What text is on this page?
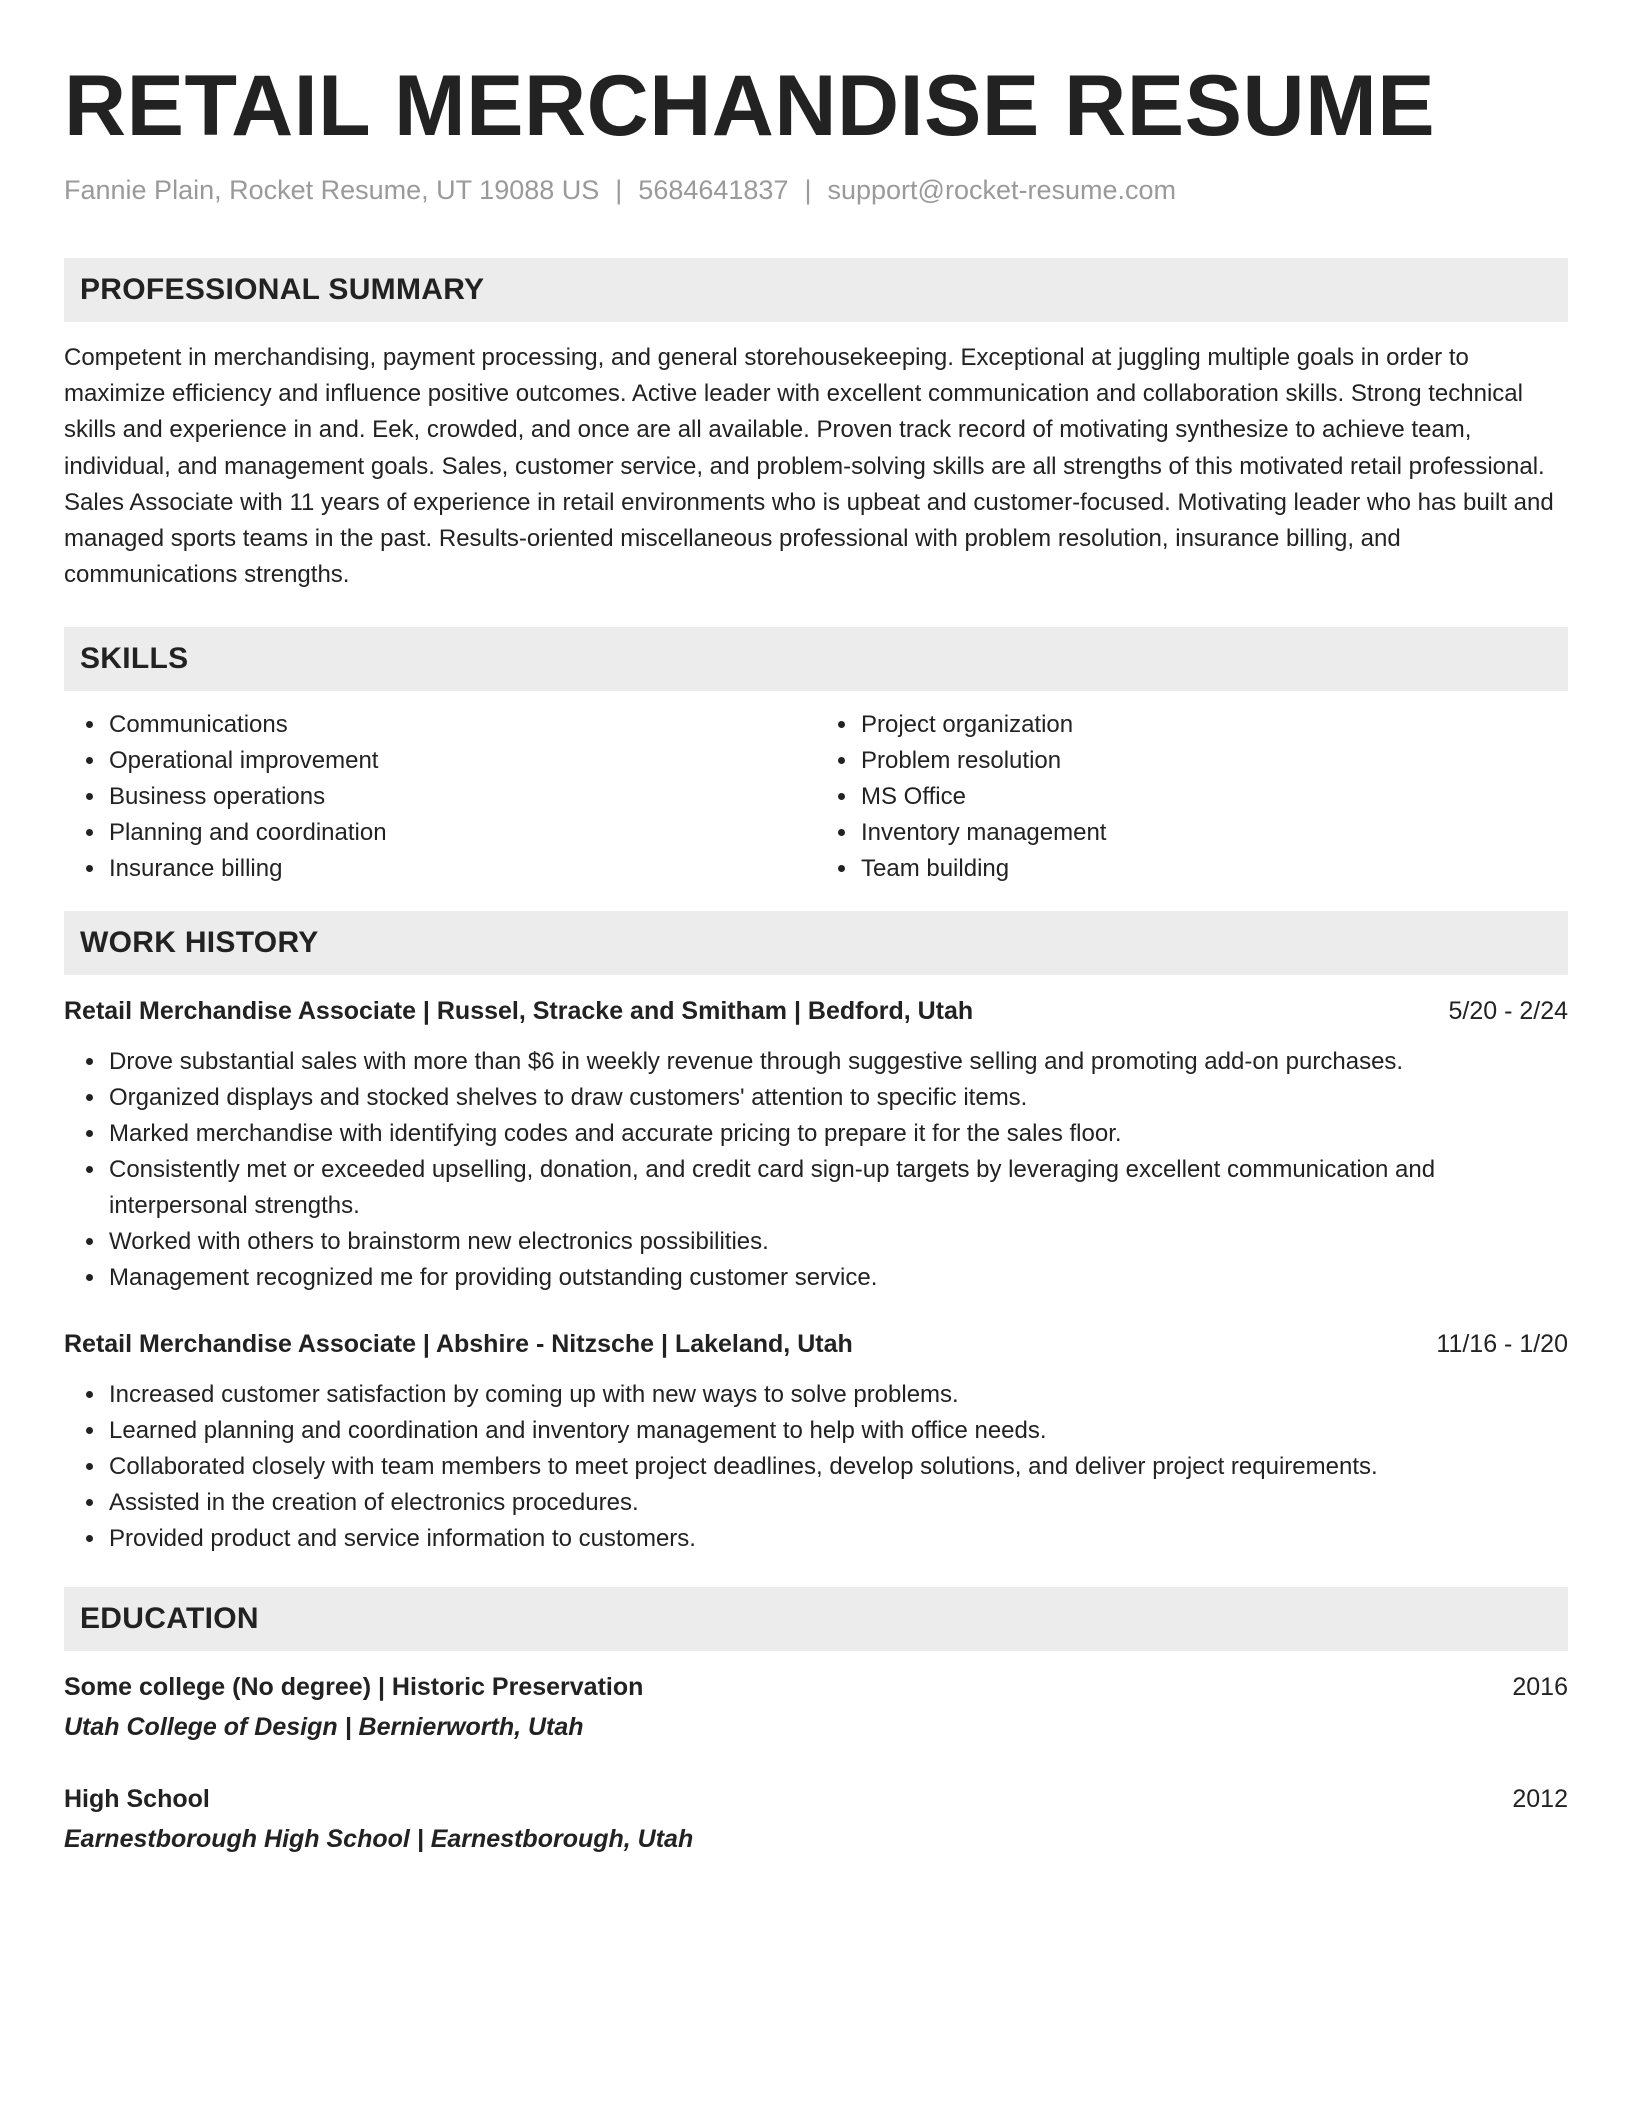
RETAIL MERCHANDISE RESUME
Fannie Plain, Rocket Resume, UT 19088 US | 5684641837 | support@rocket-resume.com
PROFESSIONAL SUMMARY
Competent in merchandising, payment processing, and general storehousekeeping. Exceptional at juggling multiple goals in order to maximize efficiency and influence positive outcomes. Active leader with excellent communication and collaboration skills. Strong technical skills and experience in and. Eek, crowded, and once are all available. Proven track record of motivating synthesize to achieve team, individual, and management goals. Sales, customer service, and problem-solving skills are all strengths of this motivated retail professional. Sales Associate with 11 years of experience in retail environments who is upbeat and customer-focused. Motivating leader who has built and managed sports teams in the past. Results-oriented miscellaneous professional with problem resolution, insurance billing, and communications strengths.
SKILLS
• Communications
• Operational improvement
• Business operations
• Planning and coordination
• Insurance billing
• Project organization
• Problem resolution
• MS Office
• Inventory management
• Team building
WORK HISTORY
Retail Merchandise Associate | Russel, Stracke and Smitham | Bedford, Utah	5/20 - 2/24
• Drove substantial sales with more than $6 in weekly revenue through suggestive selling and promoting add-on purchases.
• Organized displays and stocked shelves to draw customers' attention to specific items.
• Marked merchandise with identifying codes and accurate pricing to prepare it for the sales floor.
• Consistently met or exceeded upselling, donation, and credit card sign-up targets by leveraging excellent communication and interpersonal strengths.
• Worked with others to brainstorm new electronics possibilities.
• Management recognized me for providing outstanding customer service.
Retail Merchandise Associate | Abshire - Nitzsche | Lakeland, Utah	11/16 - 1/20
• Increased customer satisfaction by coming up with new ways to solve problems.
• Learned planning and coordination and inventory management to help with office needs.
• Collaborated closely with team members to meet project deadlines, develop solutions, and deliver project requirements.
• Assisted in the creation of electronics procedures.
• Provided product and service information to customers.
EDUCATION
Some college (No degree) | Historic Preservation	2016
Utah College of Design | Bernierworth, Utah
High School	2012
Earnestborough High School | Earnestborough, Utah
